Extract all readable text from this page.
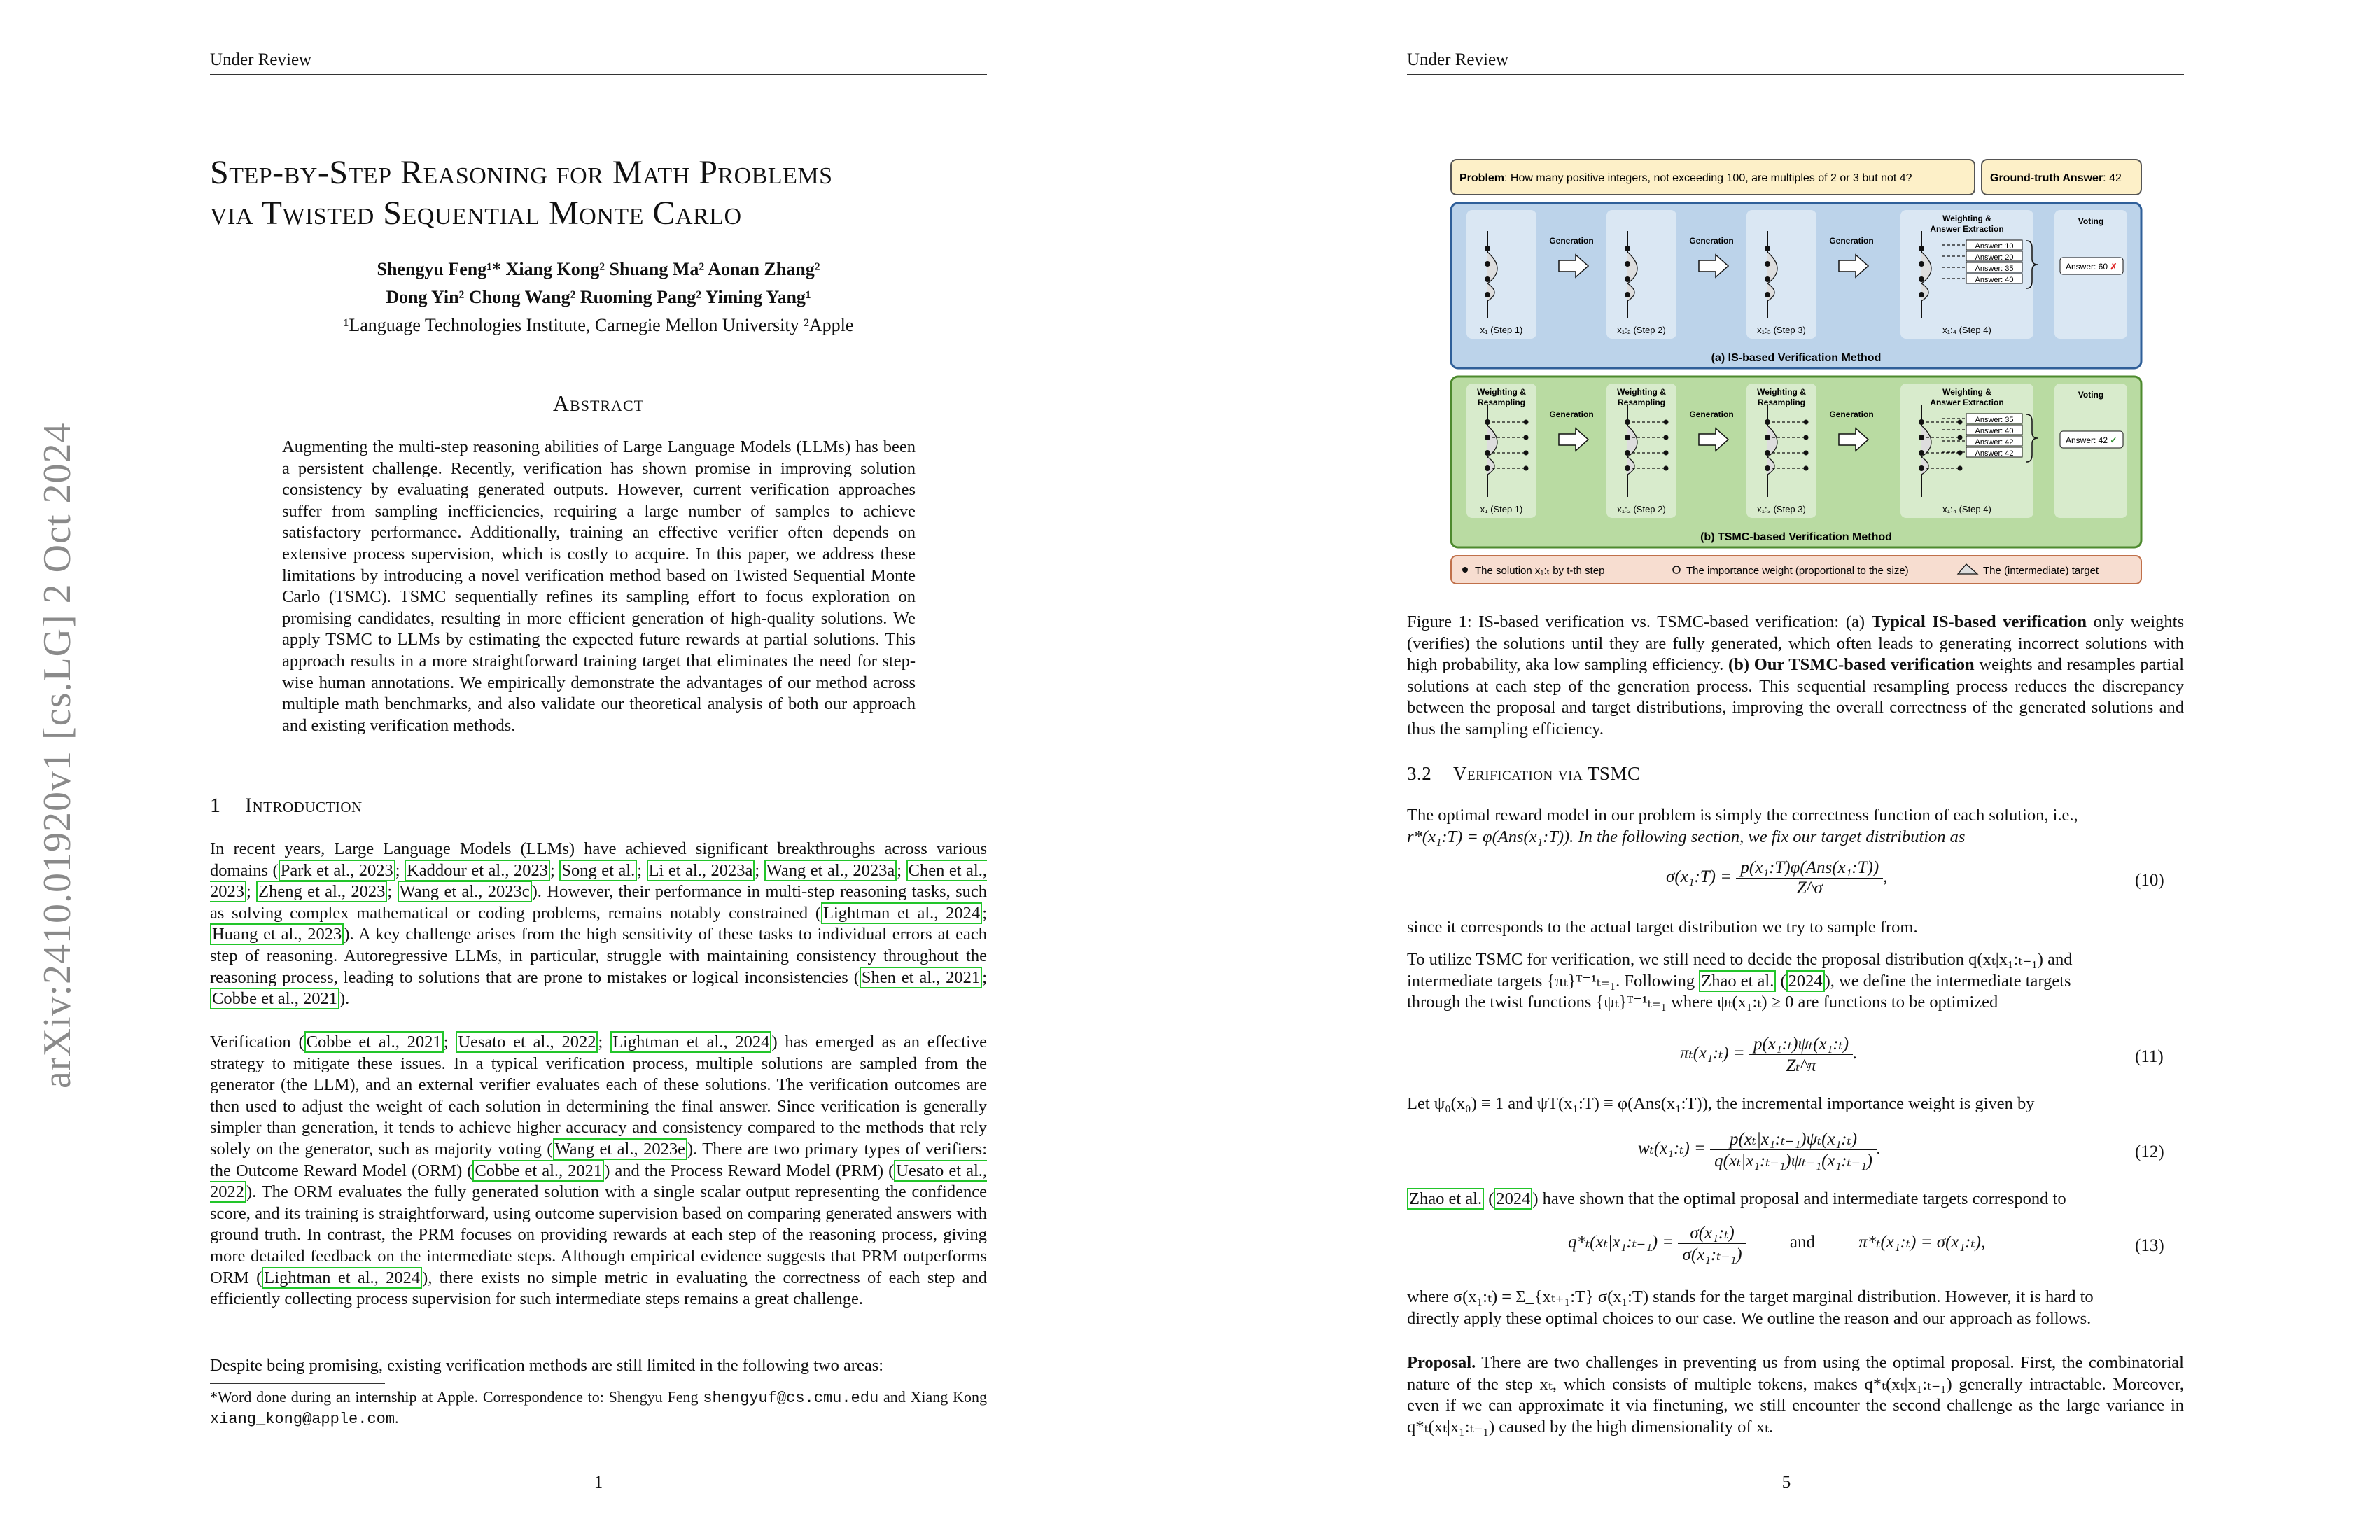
Under Review
arXiv:2410.01920v1 [cs.LG] 2 Oct 2024
Step-by-Step Reasoning for Math Problems
via Twisted Sequential Monte Carlo
Shengyu Feng¹* Xiang Kong² Shuang Ma² Aonan Zhang²
Dong Yin² Chong Wang² Ruoming Pang² Yiming Yang¹
¹Language Technologies Institute, Carnegie Mellon University ²Apple
Abstract
Augmenting the multi-step reasoning abilities of Large Language Models (LLMs) has been a persistent challenge. Recently, verification has shown promise in improving solution consistency by evaluating generated outputs. However, current verification approaches suffer from sampling inefficiencies, requiring a large number of samples to achieve satisfactory performance. Additionally, training an effective verifier often depends on extensive process supervision, which is costly to acquire. In this paper, we address these limitations by introducing a novel verification method based on Twisted Sequential Monte Carlo (TSMC). TSMC sequentially refines its sampling effort to focus exploration on promising candidates, resulting in more efficient generation of high-quality solutions. We apply TSMC to LLMs by estimating the expected future rewards at partial solutions. This approach results in a more straightforward training target that eliminates the need for step-wise human annotations. We empirically demonstrate the advantages of our method across multiple math benchmarks, and also validate our theoretical analysis of both our approach and existing verification methods.
1 Introduction
In recent years, Large Language Models (LLMs) have achieved significant breakthroughs across various domains ( Park et al., 2023 ; Kaddour et al., 2023 ; Song et al. ; Li et al., 2023a ; Wang et al., 2023a ; Chen et al., 2023 ; Zheng et al., 2023 ; Wang et al., 2023c ). However, their performance in multi-step reasoning tasks, such as solving complex mathematical or coding problems, remains notably constrained ( Lightman et al., 2024 ; Huang et al., 2023 ). A key challenge arises from the high sensitivity of these tasks to individual errors at each step of reasoning. Autoregressive LLMs, in particular, struggle with maintaining consistency throughout the reasoning process, leading to solutions that are prone to mistakes or logical inconsistencies ( Shen et al., 2021 ; Cobbe et al., 2021 ).
Verification ( Cobbe et al., 2021 ; Uesato et al., 2022 ; Lightman et al., 2024 ) has emerged as an effective strategy to mitigate these issues. In a typical verification process, multiple solutions are sampled from the generator (the LLM), and an external verifier evaluates each of these solutions. The verification outcomes are then used to adjust the weight of each solution in determining the final answer. Since verification is generally simpler than generation, it tends to achieve higher accuracy and consistency compared to the methods that rely solely on the generator, such as majority voting ( Wang et al., 2023e ). There are two primary types of verifiers: the Outcome Reward Model (ORM) ( Cobbe et al., 2021 ) and the Process Reward Model (PRM) ( Uesato et al., 2022 ). The ORM evaluates the fully generated solution with a single scalar output representing the confidence score, and its training is straightforward, using outcome supervision based on comparing generated answers with ground truth. In contrast, the PRM focuses on providing rewards at each step of the reasoning process, giving more detailed feedback on the intermediate steps. Although empirical evidence suggests that PRM outperforms ORM ( Lightman et al., 2024 ), there exists no simple metric in evaluating the correctness of each step and efficiently collecting process supervision for such intermediate steps remains a great challenge.
Despite being promising, existing verification methods are still limited in the following two areas:
*Word done during an internship at Apple. Correspondence to: Shengyu Feng shengyuf@cs.cmu.edu and Xiang Kong xiang_kong@apple.com.
1
Under Review
Problem: How many positive integers, not exceeding 100, are multiples of 2 or 3 but not 4?	Ground-truth Answer: 42
x₁ (Step 1)
Generation
x₁:₂ (Step 2)
Generation
x₁:₃ (Step 3)
Generation
x₁:₄ (Step 4)
Weighting &
Answer Extraction
Answer: 10
Answer: 20
Answer: 35
Answer: 40
Voting
Answer: 60 ✗
(a) IS-based Verification Method
x₁ (Step 1)
Generation
Weighting &
Resampling
x₁:₂ (Step 2)
Generation
Weighting &
Resampling
x₁:₃ (Step 3)
Generation
Weighting &
Resampling
x₁:₄ (Step 4)
Weighting &
Answer Extraction
Answer: 35
Answer: 40
Answer: 42
Answer: 42
Voting
Answer: 42 ✓
(b) TSMC-based Verification Method
The solution x₁:ₜ by t-th step	The importance weight (proportional to the size)	The (intermediate) target
Figure 1: IS-based verification vs. TSMC-based verification: (a) Typical IS-based verification only weights (verifies) the solutions until they are fully generated, which often leads to generating incorrect solutions with high probability, aka low sampling efficiency. (b) Our TSMC-based verification weights and resamples partial solutions at each step of the generation process. This sequential resampling process reduces the discrepancy between the proposal and target distributions, improving the overall correctness of the generated solutions and thus the sampling efficiency.
3.2 Verification via TSMC
The optimal reward model in our problem is simply the correctness function of each solution, i.e.,
r*(x₁:T) = φ(Ans(x₁:T)). In the following section, we fix our target distribution as
σ(x₁:T) = $\frac{\text{p(x₁:T)φ(Ans(x₁:T))}}{Z\^{}\sigma}$ ,	(10)
since it corresponds to the actual target distribution we try to sample from.
To utilize TSMC for verification, we still need to decide the proposal distribution q(xₜ|x₁:ₜ₋₁) and
intermediate targets {πₜ}ᵀ⁻¹ₜ₌₁. Following Zhao et al. ( 2024 ), we define the intermediate targets
through the twist functions {ψₜ}ᵀ⁻¹ₜ₌₁ where ψₜ(x₁:ₜ) ≥ 0 are functions to be optimized
πₜ(x₁:ₜ) = $\frac{\text{p(x₁:ₜ)ψₜ(x₁:ₜ)}}{\text{Zₜ\textasciicircum{}π}}$ .	(11)
Let ψ₀(x₀) ≡ 1 and ψT(x₁:T) ≡ φ(Ans(x₁:T)), the incremental importance weight is given by
wₜ(x₁:ₜ) = $\frac{\text{p(xₜ|x₁:ₜ₋₁)ψₜ(x₁:ₜ)}}{\text{q(xₜ|x₁:ₜ₋₁)ψₜ₋₁(x₁:ₜ₋₁)}}$ .	(12)
Zhao et al. ( 2024 ) have shown that the optimal proposal and intermediate targets correspond to
q*ₜ(xₜ|x₁:ₜ₋₁) = $\frac{\text{σ(x₁:ₜ)}}{\text{σ(x₁:ₜ₋₁)}}$ and π*ₜ(x₁:ₜ) = σ(x₁:ₜ),	(13)
where σ(x₁:ₜ) = Σ_{xₜ₊₁:T} σ(x₁:T) stands for the target marginal distribution. However, it is hard to
directly apply these optimal choices to our case. We outline the reason and our approach as follows.
Proposal. There are two challenges in preventing us from using the optimal proposal. First, the combinatorial nature of the step xₜ, which consists of multiple tokens, makes q*ₜ(xₜ|x₁:ₜ₋₁) generally intractable. Moreover, even if we can approximate it via finetuning, we still encounter the second challenge as the large variance in q*ₜ(xₜ|x₁:ₜ₋₁) caused by the high dimensionality of xₜ.
5
